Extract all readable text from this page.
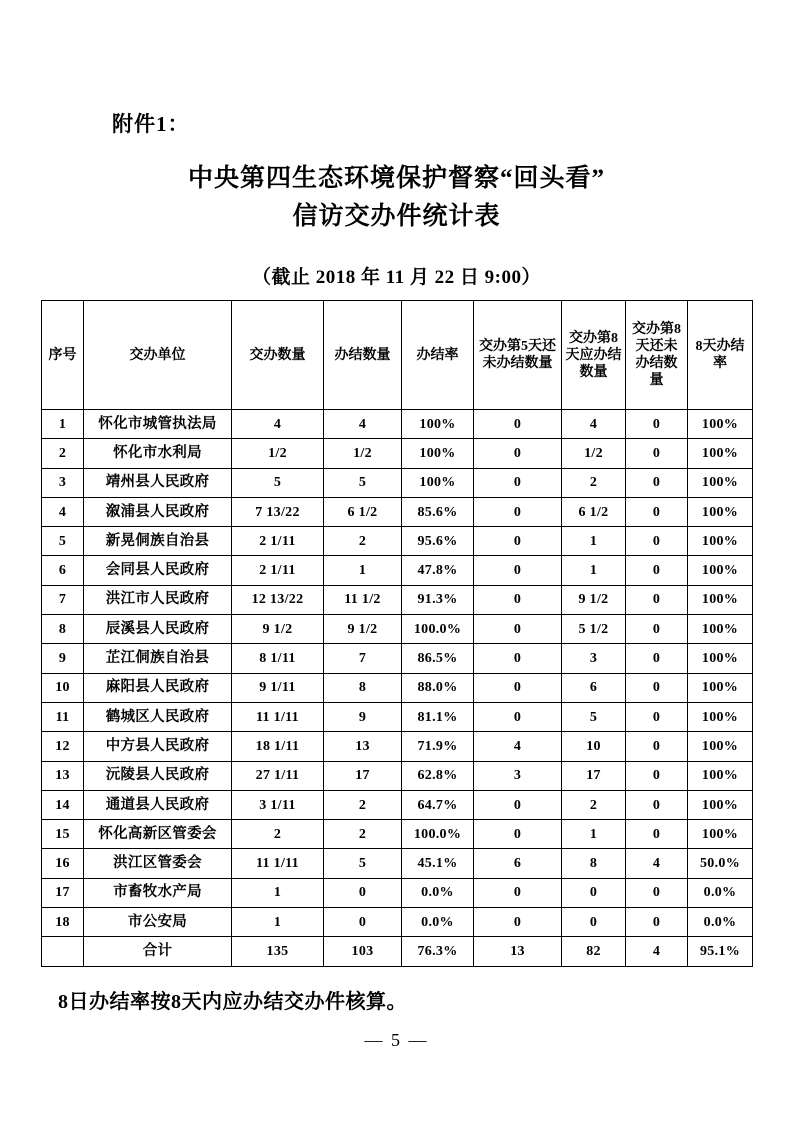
附件1：
中央第四生态环境保护督察“回头看”
信访交办件统计表
（截止 2018 年 11 月 22 日 9:00）
序号	交办单位	交办数量	办结数量	办结率	交办第5天还未办结数量	交办第8天应办结数量	交办第8天还未办结数量	8天办结率
1	怀化市城管执法局	4	4	100%	0	4	0	100%
2	怀化市水利局	1/2	1/2	100%	0	1/2	0	100%
3	靖州县人民政府	5	5	100%	0	2	0	100%
4	溆浦县人民政府	7 13/22	6 1/2	85.6%	0	6 1/2	0	100%
5	新晃侗族自治县	2 1/11	2	95.6%	0	1	0	100%
6	会同县人民政府	2 1/11	1	47.8%	0	1	0	100%
7	洪江市人民政府	12 13/22	11 1/2	91.3%	0	9 1/2	0	100%
8	辰溪县人民政府	9 1/2	9 1/2	100.0%	0	5 1/2	0	100%
9	芷江侗族自治县	8 1/11	7	86.5%	0	3	0	100%
10	麻阳县人民政府	9 1/11	8	88.0%	0	6	0	100%
11	鹤城区人民政府	11 1/11	9	81.1%	0	5	0	100%
12	中方县人民政府	18 1/11	13	71.9%	4	10	0	100%
13	沅陵县人民政府	27 1/11	17	62.8%	3	17	0	100%
14	通道县人民政府	3 1/11	2	64.7%	0	2	0	100%
15	怀化高新区管委会	2	2	100.0%	0	1	0	100%
16	洪江区管委会	11 1/11	5	45.1%	6	8	4	50.0%
17	市畜牧水产局	1	0	0.0%	0	0	0	0.0%
18	市公安局	1	0	0.0%	0	0	0	0.0%
	合计	135	103	76.3%	13	82	4	95.1%
8日办结率按8天内应办结交办件核算。
— 5 —
